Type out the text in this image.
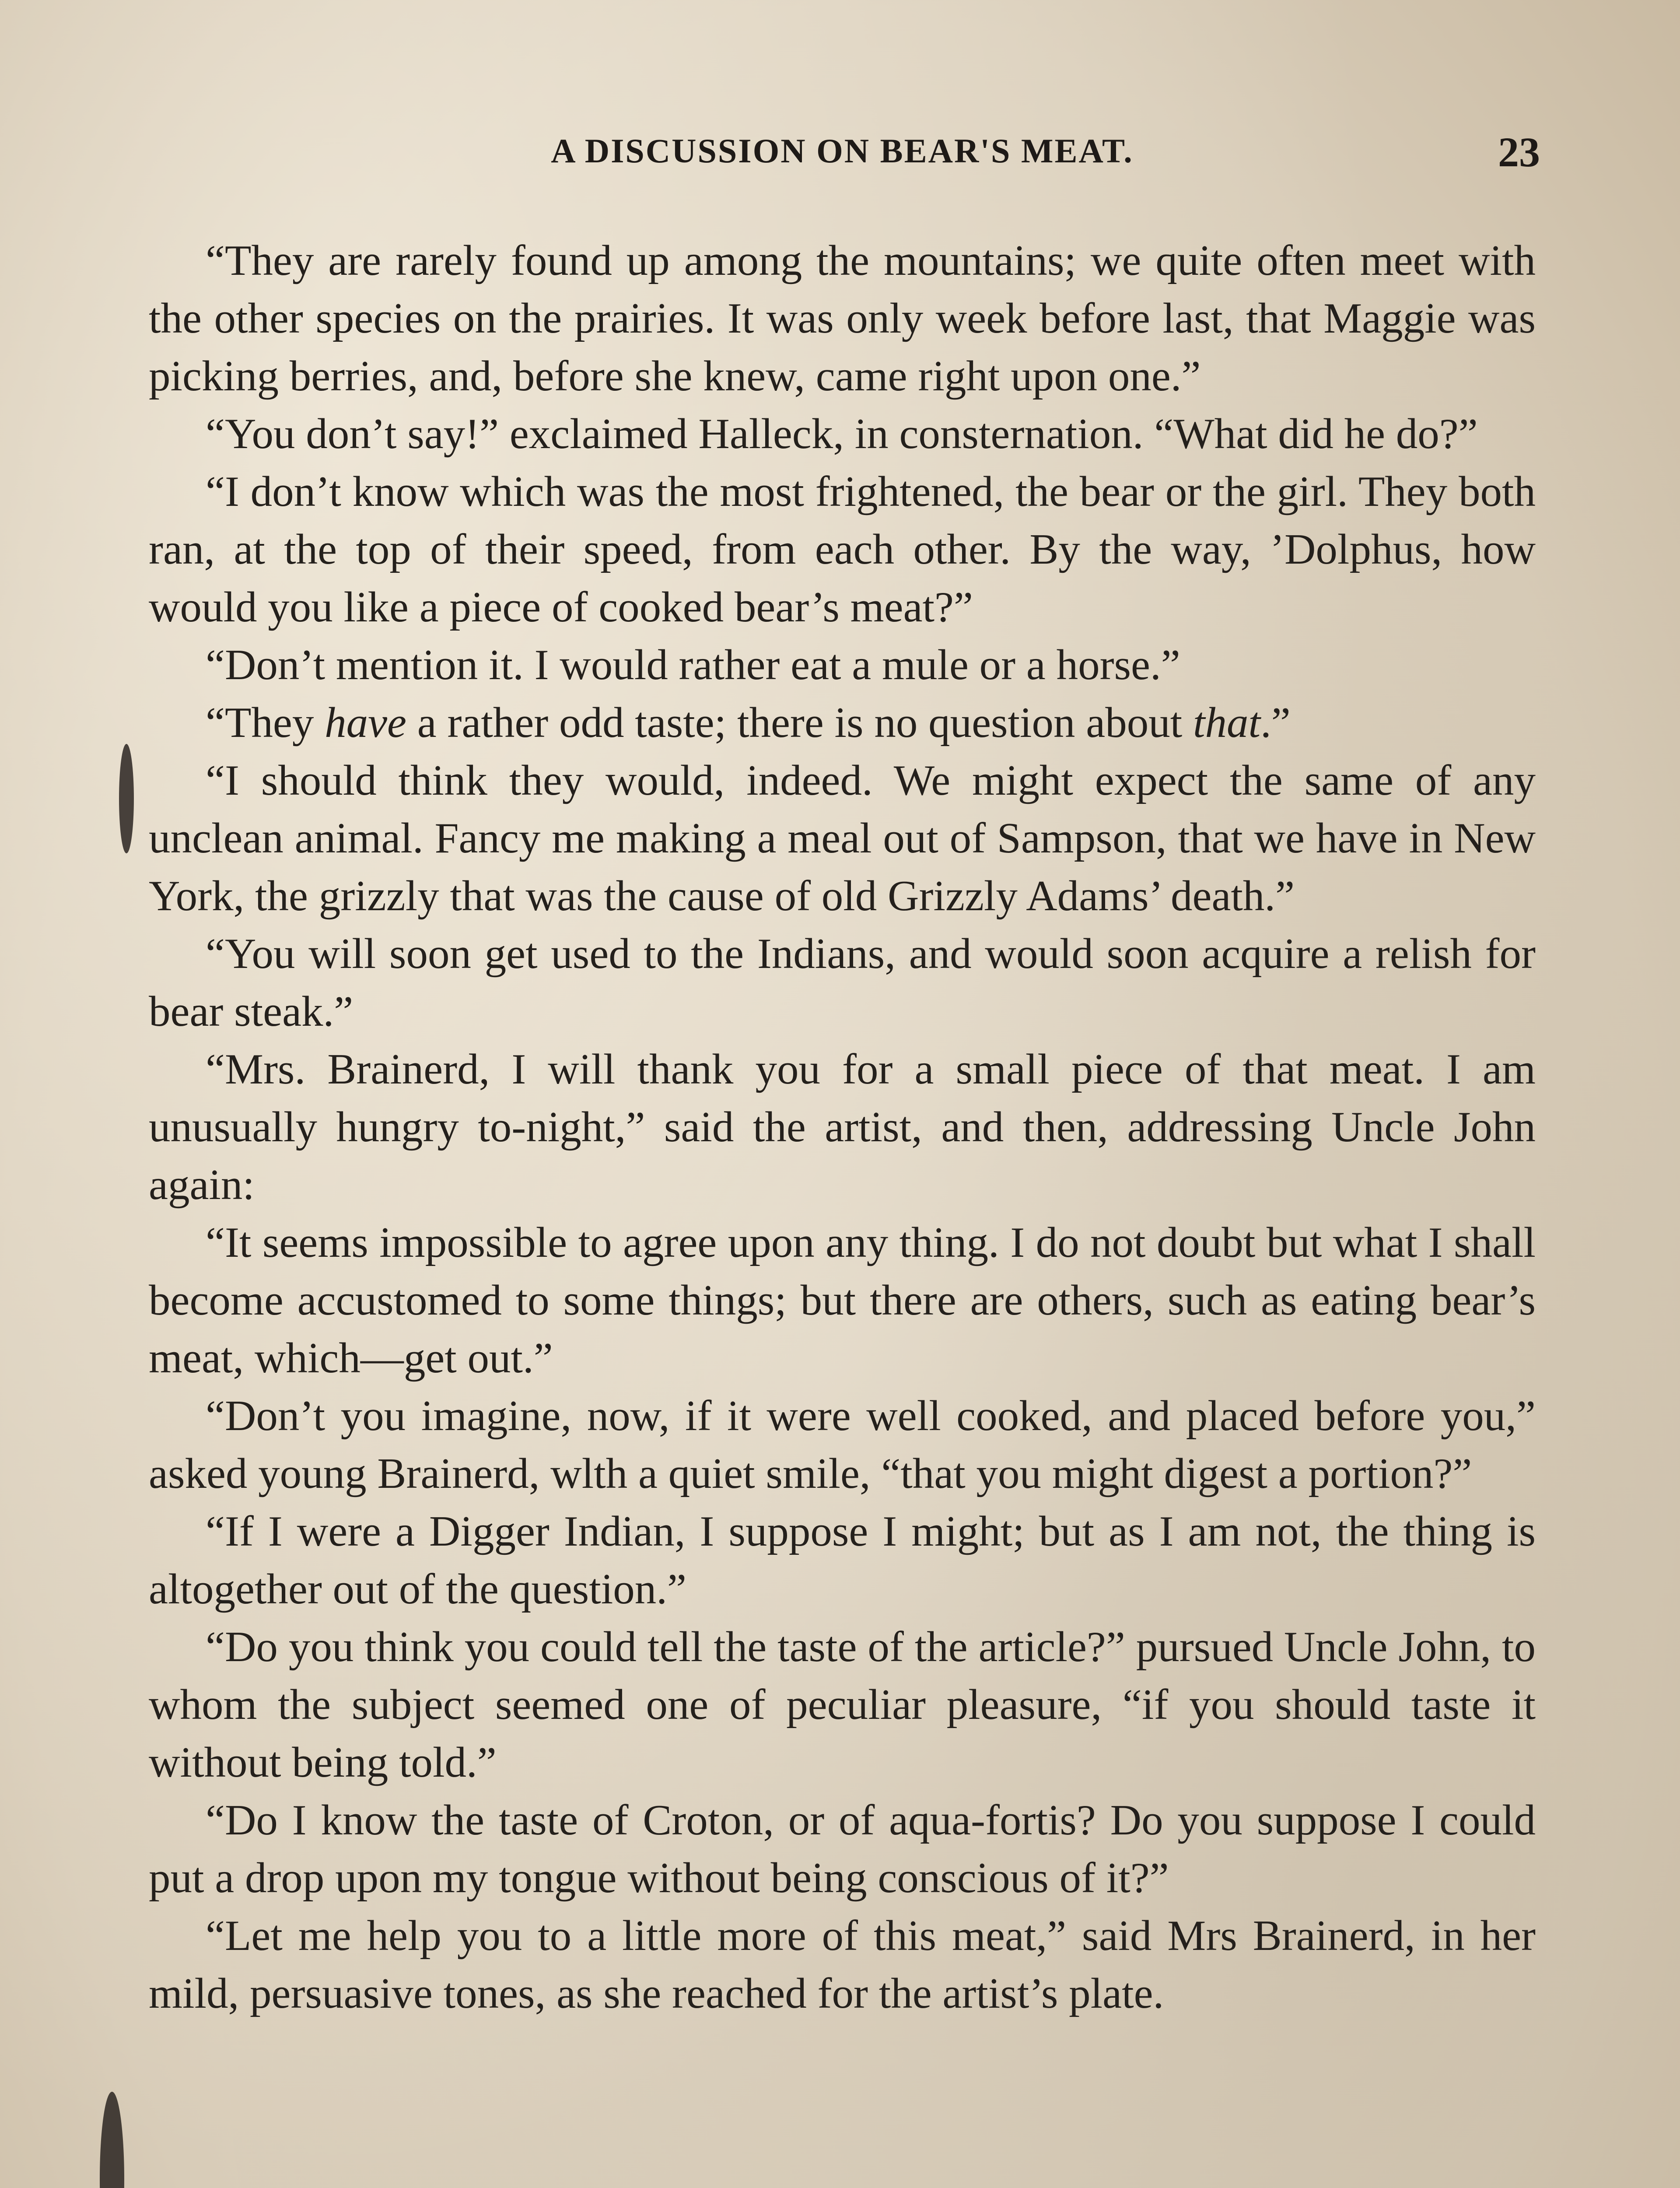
A DISCUSSION ON BEAR'S MEAT.	23

“They are rarely found up among the mountains; we quite often meet with the other species on the prairies. It was only week before last, that Maggie was picking berries, and, before she knew, came right upon one.”

“You don’t say!” exclaimed Halleck, in consternation. “What did he do?”

“I don’t know which was the most frightened, the bear or the girl. They both ran, at the top of their speed, from each other. By the way, ’Dolphus, how would you like a piece of cooked bear’s meat?”

“Don’t mention it. I would rather eat a mule or a horse.”

“They have a rather odd taste; there is no question about that.”

“I should think they would, indeed. We might expect the same of any unclean animal. Fancy me making a meal out of Sampson, that we have in New York, the grizzly that was the cause of old Grizzly Adams’ death.”

“You will soon get used to the Indians, and would soon acquire a relish for bear steak.”

“Mrs. Brainerd, I will thank you for a small piece of that meat. I am unusually hungry to-night,” said the artist, and then, addressing Uncle John again:

“It seems impossible to agree upon any thing. I do not doubt but what I shall become accustomed to some things; but there are others, such as eating bear’s meat, which—get out.”

“Don’t you imagine, now, if it were well cooked, and placed before you,” asked young Brainerd, wlth a quiet smile, “that you might digest a portion?”

“If I were a Digger Indian, I suppose I might; but as I am not, the thing is altogether out of the question.”

“Do you think you could tell the taste of the article?” pursued Uncle John, to whom the subject seemed one of peculiar pleasure, “if you should taste it without being told.”

“Do I know the taste of Croton, or of aqua-fortis? Do you suppose I could put a drop upon my tongue without being conscious of it?”

“Let me help you to a little more of this meat,” said Mrs Brainerd, in her mild, persuasive tones, as she reached for the artist’s plate.
